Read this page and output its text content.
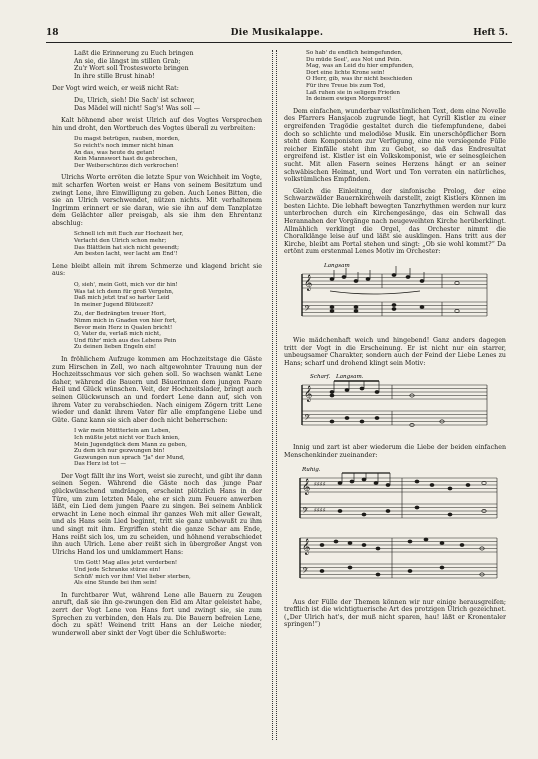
18	Die Musikalappe.	Heft 5.
Laßt die Erinnerung zu Euch bringen
An sie, die längst im stillen Grab;
Zu'r Wort soll Trostesworte bringen
In ihre stille Brust hinab!

Der Vogt wird weich, er weiß nicht Rat:

Du, Ulrich, sieh! Die Sach' ist schwer,
Das Mädel will nicht! Sag's! Was soll —

Kalt höhnend aber weist Ulrich auf des Vogtes Versprechen hin und droht, den Wortbruch des Vogtes überall zu verbreiten:

Du magst betrügen, rauben, morden,
So reicht's noch immer nicht hinan
An das, was heute du getan!
Kein Mannswort hast du gebrochen,
Der Weiberschürze dich verkrochen!

Ulrichs Worte erröten die letzte Spur von Weichheit im Vogte, mit scharfen Worten weist er Hans von seinem Besitztum und zwingt Lene, ihre Einwilligung zu geben. Auch Lenes Bitten, die sie an Ulrich verschwendet, nützen nichts. Mit verhaltenem Ingrimm erinnert er sie daran, wie sie ihn auf dem Tanzplatze dem Gelächter aller preisgab, als sie ihm den Ehrentanz abschlug:

Schnell ich mit Euch zur Hochzeit her,
Verlacht den Ulrich schon mehr;
Das Blättlein hat sich nicht gewendt;
Am besten lacht, wer lacht am End'!

Lene bleibt allein mit ihrem Schmerze und klagend bricht sie aus:

O, sieh', mein Gott, mich vor dir hin!
Was tat ich denn für groß Vergehn,
Daß mich jetzt traf so harter Leid
In meiner Jugend Blütezeit?
Zu, der Bedrängten treuer Hort,
Nimm mich in Gnaden von hier fort,
Bevor mein Herz in Qualen bricht!
O, Vater du, verlaß mich nicht,
Und führ' mich aus des Lebens Pein
Zu deinen lieben Engeln ein!

In fröhlichem Aufzuge kommen am Hochzeitstage die Gäste zum Hirschen in Zell, wo nach altgewohnter Trauung nun der Hochzeitsschmaus vor sich gehen soll. So wachsen wankt Lene daher, während die Bauern und Bäuerinnen dem jungen Paare Heil und Glück wünschen. Veit, der Hochzeitslader, bringt auch seinen Glückwunsch an und fordert Lene dann auf, sich von ihrem Vater zu verabschieden. Nach einigem Zögern tritt Lene wieder und dankt ihrem Vater für alle empfangene Liebe und Güte. Ganz kann sie sich aber doch nicht beherrschen:

I wär mein Müttterlein am Leben,
Ich müßte jetzt nicht vor Euch knien,
Mein Jugendglück dem Mann zu geben,
Zu dem ich nur gezwungen bin!
Gezwungen nun sprach "Ja" der Mund,
Das Herz ist tot —

Der Vogt fällt ihr ins Wort, weist sie zurecht, und gibt ihr dann seinen Segen. Während die Gäste noch das junge Paar glückwünschend umdrängen, erscheint plötzlich Hans in der Türe, um zum letzten Male, ehe er sich zum Feuere anwerben läßt, ein Lied dem jungen Paare zu singen. Bei seinem Anblick erwacht in Lene noch einmal ihr ganzes Weh mit aller Gewalt, und als Hans sein Lied beginnt, tritt sie ganz unbewußt zu ihm und singt mit ihm. Ergriffen steht die ganze Schar am Ende, Hans reißt sich los, um zu scheiden, und höhnend verabschiedet ihn auch Ulrich. Lene aber reißt sich in übergroßer Angst von Ulrichs Hand los und umklammert Hans:

Um Gott! Mag alles jetzt verderben!
Und jede Schranke stürze ein!
Schüß' mich vor ihm! Viel lieber sterben,
Als eine Stunde bei ihm sein!

In furchtbarer Wut, während Lene alle Bauern zu Zeugen anruft, daß sie ihn ge-zwungen den Eid am Altar geleistet habe, zerrt der Vogt Lene von Hans fort und zwingt sie, sie zum Sprechen zu verbinden, den Hals zu. Die Bauern befreien Lene, doch zu spät! Weinend tritt Hans an der Leiche nieder, wunderwoll aber sinkt der Vogt über die Schlußworte:

So hab' du endlich heimgefunden,
Du müde Seel', aus Not und Pein.
Mag, was an Leid du hier empfunden,
Dort eine lichte Krone sein!
O Herr, gib, was ihr nicht beschieden
Für ihre Treue bis zum Tod,
Laß ruhen sie in seligem Frieden
In deinem ewigen Morgenrot!

Dem einfachen, wunderbar volkstümlichen Text, dem eine Novelle des Pfarrers Hansjacob zugrunde liegt, hat Cyrill Kistler zu einer ergreifenden Tragödie gestaltet durch die tiefempfundene, dabei doch so schlichte und melodiöse Musik. Ein unerschöpflicher Born steht dem Komponisten zur Verfügung, eine nie versiegende Fülle reicher Einfälle steht ihm zu Gebot, so daß das Endresultat ergreifend ist. Kistler ist ein Volkskomponist, wie er seinesgleichen sucht. Mit allen Fasern seines Herzens hängt er an seiner schwäbischen Heimat, und Wort und Ton verraten ein natürliches, volkstümliches Empfinden.

Gleich die Einleitung, der sinfonische Prolog, der eine Schwarzwälder Bauernkirchweih darstellt, zeigt Kistlers Können im besten Lichte. Die lebhaft bewegten Tanzrhythmen werden nur kurz unterbrochen durch ein Kirchengesänge, das ein Schwall das Herannahen der Vorgänge nach neugeweihten Kirche herüberklingt. Allmählich verklingt die Orgel, das Orchester nimmt die Choralklänge leise auf und läßt sie ausklingen. Hans tritt aus der Kirche, bleibt am Portal stehen und singt: „Ob sie wohl kommt?“ Da ertönt zum erstenmal Lenes Motiv im Orchester:

Langsam
𝄞
𝄢

Wie mädchenhaft weich und hingebend! Ganz anders dagegen tritt der Vogt in die Erscheinung. Er ist nicht nur ein starrer, unbeugsamer Charakter, sondern auch der Feind der Liebe Lenes zu Hans; scharf und drohend klingt sein Motiv:

Scharf. Langsam.
𝄞
𝄢

Innig und zart ist aber wiederum die Liebe der beiden einfachen Menschenkinder zueinander:

Ruhig.
𝄞
𝄢
𝄞
𝄢
♯♯♯♯
♯♯♯♯

Aus der Fülle der Themen können wir nur einige herausgreifen; trefflich ist die wichtigtuerische Art des protzigen Ulrich gezeichnet. („Der Ulrich hat's, der muß nicht sparen, hau! läßt er Kronentaler springen!“)
